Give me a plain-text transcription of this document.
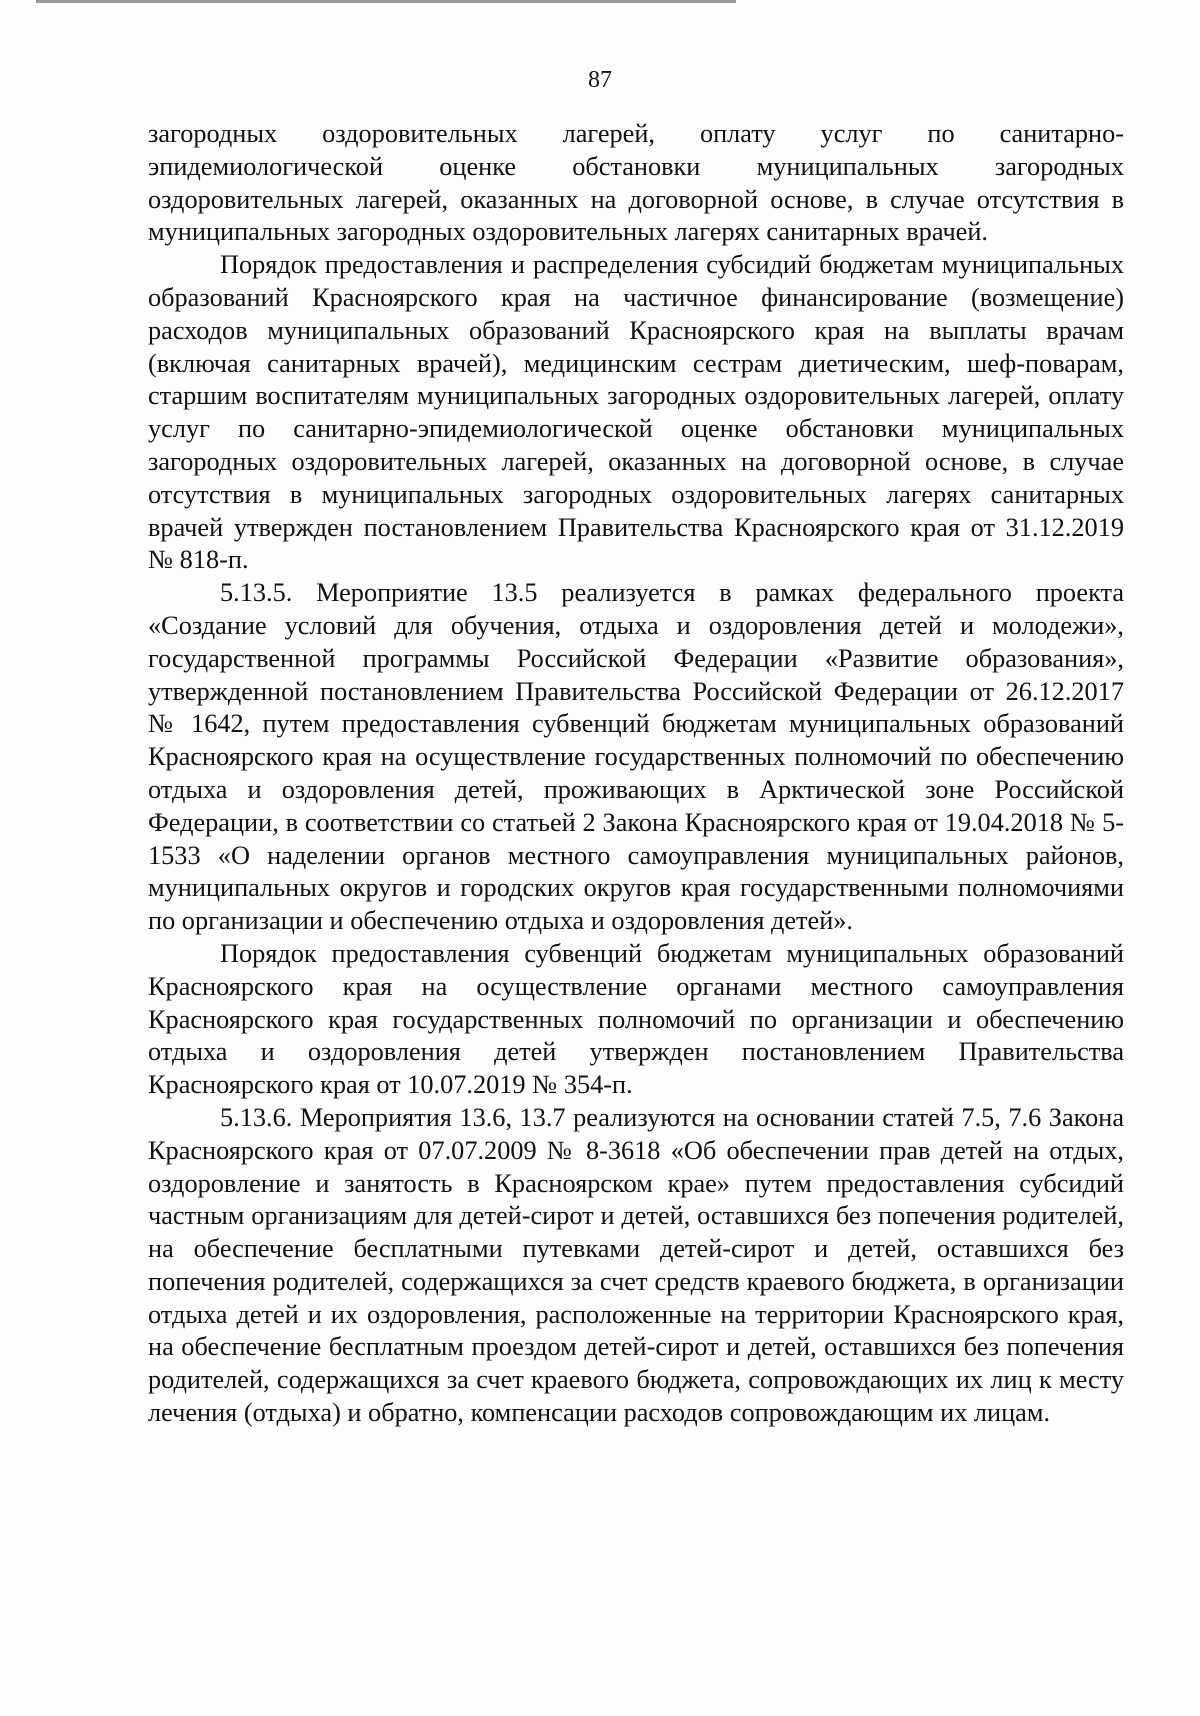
87

загородных оздоровительных лагерей, оплату услуг по санитарно-эпидемиологической оценке обстановки муниципальных загородных оздоровительных лагерей, оказанных на договорной основе, в случае отсутствия в муниципальных загородных оздоровительных лагерях санитарных врачей.

Порядок предоставления и распределения субсидий бюджетам муниципальных образований Красноярского края на частичное финансирование (возмещение) расходов муниципальных образований Красноярского края на выплаты врачам (включая санитарных врачей), медицинским сестрам диетическим, шеф-поварам, старшим воспитателям муниципальных загородных оздоровительных лагерей, оплату услуг по санитарно-эпидемиологической оценке обстановки муниципальных загородных оздоровительных лагерей, оказанных на договорной основе, в случае отсутствия в муниципальных загородных оздоровительных лагерях санитарных врачей утвержден постановлением Правительства Красноярского края от 31.12.2019 № 818-п.

5.13.5. Мероприятие 13.5 реализуется в рамках федерального проекта «Создание условий для обучения, отдыха и оздоровления детей и молодежи», государственной программы Российской Федерации «Развитие образования», утвержденной постановлением Правительства Российской Федерации от 26.12.2017 № 1642, путем предоставления субвенций бюджетам муниципальных образований Красноярского края на осуществление государственных полномочий по обеспечению отдыха и оздоровления детей, проживающих в Арктической зоне Российской Федерации, в соответствии со статьей 2 Закона Красноярского края от 19.04.2018 № 5-1533 «О наделении органов местного самоуправления муниципальных районов, муниципальных округов и городских округов края государственными полномочиями по организации и обеспечению отдыха и оздоровления детей».

Порядок предоставления субвенций бюджетам муниципальных образований Красноярского края на осуществление органами местного самоуправления Красноярского края государственных полномочий по организации и обеспечению отдыха и оздоровления детей утвержден постановлением Правительства Красноярского края от 10.07.2019 № 354-п.

5.13.6. Мероприятия 13.6, 13.7 реализуются на основании статей 7.5, 7.6 Закона Красноярского края от 07.07.2009 № 8-3618 «Об обеспечении прав детей на отдых, оздоровление и занятость в Красноярском крае» путем предоставления субсидий частным организациям для детей-сирот и детей, оставшихся без попечения родителей, на обеспечение бесплатными путевками детей-сирот и детей, оставшихся без попечения родителей, содержащихся за счет средств краевого бюджета, в организации отдыха детей и их оздоровления, расположенные на территории Красноярского края, на обеспечение бесплатным проездом детей-сирот и детей, оставшихся без попечения родителей, содержащихся за счет краевого бюджета, сопровождающих их лиц к месту лечения (отдыха) и обратно, компенсации расходов сопровождающим их лицам.
